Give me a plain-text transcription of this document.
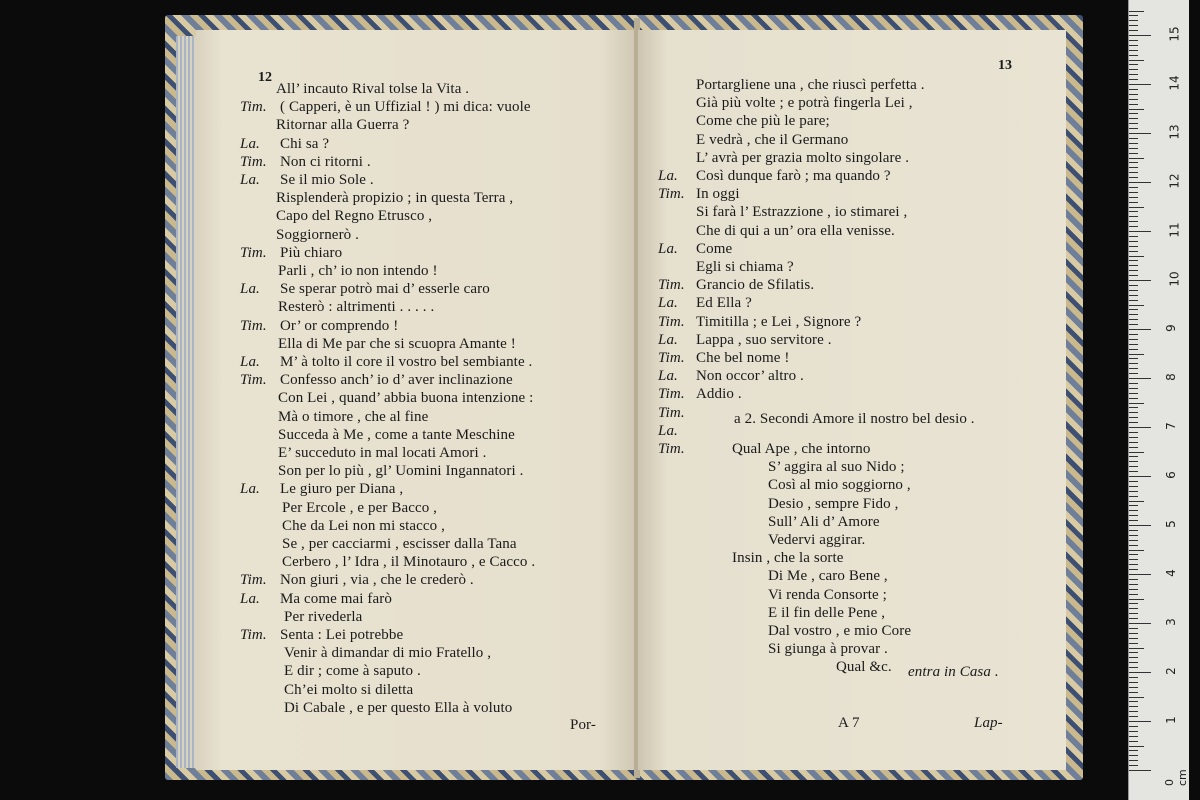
12
All’ incauto Rival tolse la Vita .
Tim. ( Capperi, è un Uffizial ! ) mi dica: vuole
Ritornar alla Guerra ?
La. Chi sa ?
Tim. Non ci ritorni .
La. Se il mio Sole .
Risplenderà propizio ; in questa Terra ,
Capo del Regno Etrusco ,
Soggiornerò .
Tim. Più chiaro
Parli , ch’ io non intendo !
La. Se sperar potrò mai d’ esserle caro
Resterò : altrimenti . . . . .
Tim. Or’ or comprendo !
Ella di Me par che si scuopra Amante !
La. M’ à tolto il core il vostro bel sembiante .
Tim. Confesso anch’ io d’ aver inclinazione
Con Lei , quand’ abbia buona intenzione :
Mà o timore , che al fine
Succeda à Me , come a tante Meschine
E’ succeduto in mal locati Amori .
Son per lo più , gl’ Uomini Ingannatori .
La. Le giuro per Diana ,
Per Ercole , e per Bacco ,
Che da Lei non mi stacco ,
Se , per cacciarmi , escisser dalla Tana
Cerbero , l’ Idra , il Minotauro , e Cacco .
Tim. Non giuri , via , che le crederò .
La. Ma come mai farò
Per rivederla
Tim. Senta : Lei potrebbe
Venir à dimandar di mio Fratello ,
E dir ; come à saputo .
Ch’ei molto si diletta
Di Cabale , e per questo Ella à voluto
Por-
13
Portargliene una , che riuscì perfetta .
Già più volte ; e potrà fingerla Lei ,
Come che più le pare;
E vedrà , che il Germano
L’ avrà per grazia molto singolare .
La. Così dunque farò ; ma quando ?
Tim. In oggi
Si farà l’ Estrazzione , io stimarei ,
Che di qui a un’ ora ella venisse.
La. Come
Egli si chiama ?
Tim. Grancio de Sfilatis.
La. Ed Ella ?
Tim. Timitilla ; e Lei , Signore ?
La. Lappa , suo servitore .
Tim. Che bel nome !
La. Non occor’ altro .
Tim. Addio .
Tim.
La.
Tim.	Qual Ape , che intorno
S’ aggira al suo Nido ;
Così al mio soggiorno ,
Desio , sempre Fido ,
Sull’ Ali d’ Amore
Vedervi aggirar.
Insin , che la sorte
Di Me , caro Bene ,
Vi renda Consorte ;
E il fin delle Pene ,
Dal vostro , e mio Core
Si giunga à provar .
Qual &c.
a 2. Secondi Amore il nostro bel desio .
entra in Casa .
A 7	Lap-
0 cm
1
2
3
4
5
6
7
8
9
10
11
12
13
14
15
